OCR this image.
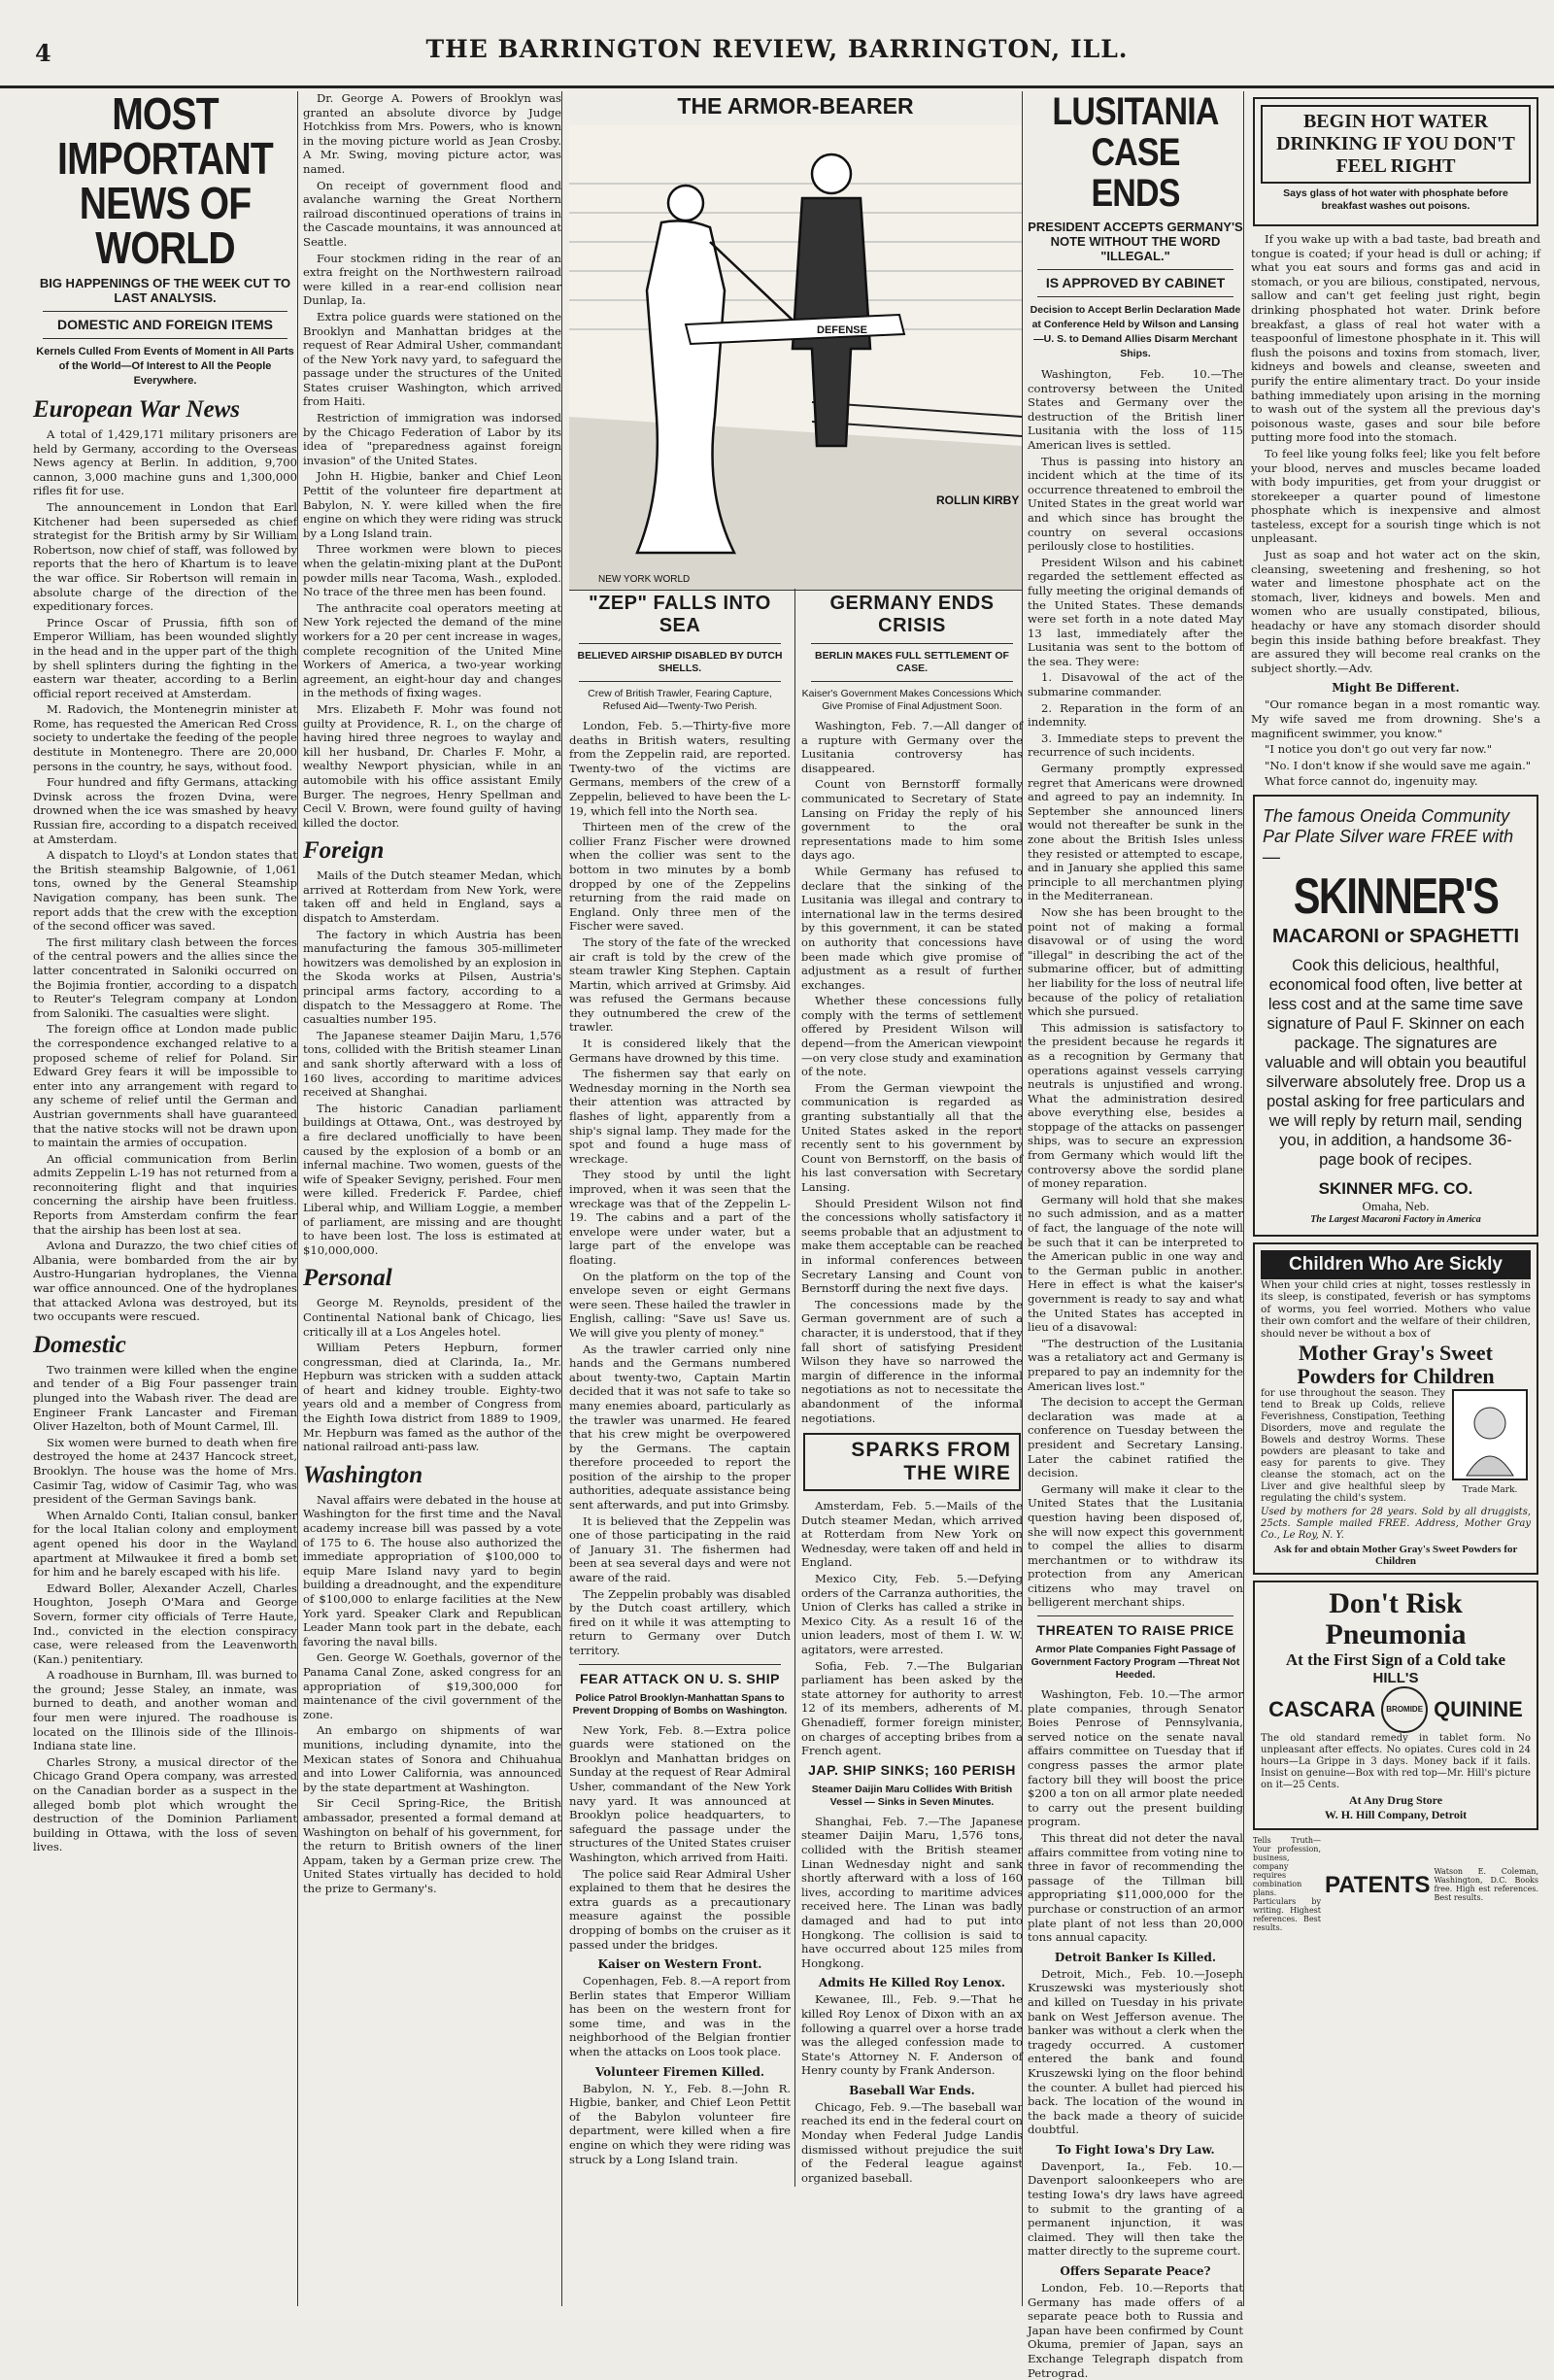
4	THE BARRINGTON REVIEW, BARRINGTON, ILL.
MOST IMPORTANT
NEWS OF WORLD
BIG HAPPENINGS OF THE WEEK CUT TO LAST ANALYSIS.
DOMESTIC AND FOREIGN ITEMS
Kernels Culled From Events of Moment in All Parts of the World—Of Interest to All the People Everywhere.
European War News

A total of 1,429,171 military prisoners are held by Germany, according to the Overseas News agency at Berlin. In addition, 9,700 cannon, 3,000 machine guns and 1,300,000 rifles fit for use.

The announcement in London that Earl Kitchener had been superseded as chief strategist for the British army by Sir William Robertson, now chief of staff, was followed by reports that the hero of Khartum is to leave the war office. Sir Robertson will remain in absolute charge of the direction of the expeditionary forces.

Prince Oscar of Prussia, fifth son of Emperor William, has been wounded slightly in the head and in the upper part of the thigh by shell splinters during the fighting in the eastern war theater, according to a Berlin official report received at Amsterdam.

M. Radovich, the Montenegrin minister at Rome, has requested the American Red Cross society to undertake the feeding of the people destitute in Montenegro. There are 20,000 persons in the country, he says, without food.

Four hundred and fifty Germans, attacking Dvinsk across the frozen Dvina, were drowned when the ice was smashed by heavy Russian fire, according to a dispatch received at Amsterdam.

A dispatch to Lloyd's at London states that the British steamship Balgownie, of 1,061 tons, owned by the General Steamship Navigation company, has been sunk. The report adds that the crew with the exception of the second officer was saved.

The first military clash between the forces of the central powers and the allies since the latter concentrated in Saloniki occurred on the Bojimia frontier, according to a dispatch to Reuter's Telegram company at London from Saloniki. The casualties were slight.

The foreign office at London made public the correspondence exchanged relative to a proposed scheme of relief for Poland. Sir Edward Grey fears it will be impossible to enter into any arrangement with regard to any scheme of relief until the German and Austrian governments shall have guaranteed that the native stocks will not be drawn upon to maintain the armies of occupation.

An official communication from Berlin admits Zeppelin L-19 has not returned from a reconnoitering flight and that inquiries concerning the airship have been fruitless. Reports from Amsterdam confirm the fear that the airship has been lost at sea.

Avlona and Durazzo, the two chief cities of Albania, were bombarded from the air by Austro-Hungarian hydroplanes, the Vienna war office announced. One of the hydroplanes that attacked Avlona was destroyed, but its two occupants were rescued.

Domestic

Two trainmen were killed when the engine and tender of a Big Four passenger train plunged into the Wabash river. The dead are Engineer Frank Lancaster and Fireman Oliver Hazelton, both of Mount Carmel, Ill.

Six women were burned to death when fire destroyed the home at 2437 Hancock street, Brooklyn. The house was the home of Mrs. Casimir Tag, widow of Casimir Tag, who was president of the German Savings bank.

When Arnaldo Conti, Italian consul, banker for the local Italian colony and employment agent opened his door in the Wayland apartment at Milwaukee it fired a bomb set for him and he barely escaped with his life.

Edward Boller, Alexander Aczell, Charles Houghton, Joseph O'Mara and George Sovern, former city officials of Terre Haute, Ind., convicted in the election conspiracy case, were released from the Leavenworth (Kan.) penitentiary.

A roadhouse in Burnham, Ill. was burned to the ground; Jesse Staley, an inmate, was burned to death, and another woman and four men were injured. The roadhouse is located on the Illinois side of the Illinois-Indiana state line.

Charles Strony, a musical director of the Chicago Grand Opera company, was arrested on the Canadian border as a suspect in the alleged bomb plot which wrought the destruction of the Dominion Parliament building in Ottawa, with the loss of seven lives.

Dr. George A. Powers of Brooklyn was granted an absolute divorce by Judge Hotchkiss from Mrs. Powers, who is known in the moving picture world as Jean Crosby. A Mr. Swing, moving picture actor, was named.

On receipt of government flood and avalanche warning the Great Northern railroad discontinued operations of trains in the Cascade mountains, it was announced at Seattle.

Four stockmen riding in the rear of an extra freight on the Northwestern railroad were killed in a rear-end collision near Dunlap, Ia.

Extra police guards were stationed on the Brooklyn and Manhattan bridges at the request of Rear Admiral Usher, commandant of the New York navy yard, to safeguard the passage under the structures of the United States cruiser Washington, which arrived from Haiti.

Restriction of immigration was indorsed by the Chicago Federation of Labor by its idea of "preparedness against foreign invasion" of the United States.

John H. Higbie, banker and Chief Leon Pettit of the volunteer fire department at Babylon, N. Y. were killed when the fire engine on which they were riding was struck by a Long Island train.

Three workmen were blown to pieces when the gelatin-mixing plant at the DuPont powder mills near Tacoma, Wash., exploded. No trace of the three men has been found.

The anthracite coal operators meeting at New York rejected the demand of the mine workers for a 20 per cent increase in wages, complete recognition of the United Mine Workers of America, a two-year working agreement, an eight-hour day and changes in the methods of fixing wages.

Mrs. Elizabeth F. Mohr was found not guilty at Providence, R. I., on the charge of having hired three negroes to waylay and kill her husband, Dr. Charles F. Mohr, a wealthy Newport physician, while in an automobile with his office assistant Emily Burger. The negroes, Henry Spellman and Cecil V. Brown, were found guilty of having killed the doctor.

Foreign

Mails of the Dutch steamer Medan, which arrived at Rotterdam from New York, were taken off and held in England, says a dispatch to Amsterdam.

The factory in which Austria has been manufacturing the famous 305-millimeter howitzers was demolished by an explosion in the Skoda works at Pilsen, Austria's principal arms factory, according to a dispatch to the Messaggero at Rome. The casualties number 195.

The Japanese steamer Daijin Maru, 1,576 tons, collided with the British steamer Linan and sank shortly afterward with a loss of 160 lives, according to maritime advices received at Shanghai.

The historic Canadian parliament buildings at Ottawa, Ont., was destroyed by a fire declared unofficially to have been caused by the explosion of a bomb or an infernal machine. Two women, guests of the wife of Speaker Sevigny, perished. Four men were killed. Frederick F. Pardee, chief Liberal whip, and William Loggie, a member of parliament, are missing and are thought to have been lost. The loss is estimated at $10,000,000.

Personal

George M. Reynolds, president of the Continental National bank of Chicago, lies critically ill at a Los Angeles hotel.

William Peters Hepburn, former congressman, died at Clarinda, Ia., Mr. Hepburn was stricken with a sudden attack of heart and kidney trouble. Eighty-two years old and a member of Congress from the Eighth Iowa district from 1889 to 1909, Mr. Hepburn was famed as the author of the national railroad anti-pass law.

Washington

Naval affairs were debated in the house at Washington for the first time and the Naval academy increase bill was passed by a vote of 175 to 6. The house also authorized the immediate appropriation of $100,000 to equip Mare Island navy yard to begin building a dreadnought, and the expenditure of $100,000 to enlarge facilities at the New York yard. Speaker Clark and Republican Leader Mann took part in the debate, each favoring the naval bills.

Gen. George W. Goethals, governor of the Panama Canal Zone, asked congress for an appropriation of $19,300,000 for maintenance of the civil government of the zone.

An embargo on shipments of war munitions, including dynamite, into the Mexican states of Sonora and Chihuahua and into Lower California, was announced by the state department at Washington.

Sir Cecil Spring-Rice, the British ambassador, presented a formal demand at Washington on behalf of his government, for the return to British owners of the liner Appam, taken by a German prize crew. The United States virtually has decided to hold the prize to Germany's.

THE ARMOR-BEARER
DEFENSE
ROLLIN KIRBY
NEW YORK WORLD
"ZEP" FALLS INTO SEA
BELIEVED AIRSHIP DISABLED BY DUTCH SHELLS.
Crew of British Trawler, Fearing Capture, Refused Aid—Twenty-Two Perish.

London, Feb. 5.—Thirty-five more deaths in British waters, resulting from the Zeppelin raid, are reported. Twenty-two of the victims are Germans, members of the crew of a Zeppelin, believed to have been the L-19, which fell into the North sea.

Thirteen men of the crew of the collier Franz Fischer were drowned when the collier was sent to the bottom in two minutes by a bomb dropped by one of the Zeppelins returning from the raid made on England. Only three men of the Fischer were saved.

The story of the fate of the wrecked air craft is told by the crew of the steam trawler King Stephen. Captain Martin, which arrived at Grimsby. Aid was refused the Germans because they outnumbered the crew of the trawler.

It is considered likely that the Germans have drowned by this time.

The fishermen say that early on Wednesday morning in the North sea their attention was attracted by flashes of light, apparently from a ship's signal lamp. They made for the spot and found a huge mass of wreckage.

They stood by until the light improved, when it was seen that the wreckage was that of the Zeppelin L-19. The cabins and a part of the envelope were under water, but a large part of the envelope was floating.

On the platform on the top of the envelope seven or eight Germans were seen. These hailed the trawler in English, calling: "Save us! Save us. We will give you plenty of money."

As the trawler carried only nine hands and the Germans numbered about twenty-two, Captain Martin decided that it was not safe to take so many enemies aboard, particularly as the trawler was unarmed. He feared that his crew might be overpowered by the Germans. The captain therefore proceeded to report the position of the airship to the proper authorities, adequate assistance being sent afterwards, and put into Grimsby.

It is believed that the Zeppelin was one of those participating in the raid of January 31. The fishermen had been at sea several days and were not aware of the raid.

The Zeppelin probably was disabled by the Dutch coast artillery, which fired on it while it was attempting to return to Germany over Dutch territory.

FEAR ATTACK ON U. S. SHIP
Police Patrol Brooklyn-Manhattan Spans to Prevent Dropping of Bombs on Washington.

New York, Feb. 8.—Extra police guards were stationed on the Brooklyn and Manhattan bridges on Sunday at the request of Rear Admiral Usher, commandant of the New York navy yard. It was announced at Brooklyn police headquarters, to safeguard the passage under the structures of the United States cruiser Washington, which arrived from Haiti.

The police said Rear Admiral Usher explained to them that he desires the extra guards as a precautionary measure against the possible dropping of bombs on the cruiser as it passed under the bridges.

Kaiser on Western Front.

Copenhagen, Feb. 8.—A report from Berlin states that Emperor William has been on the western front for some time, and was in the neighborhood of the Belgian frontier when the attacks on Loos took place.

Volunteer Firemen Killed.

Babylon, N. Y., Feb. 8.—John R. Higbie, banker, and Chief Leon Pettit of the Babylon volunteer fire department, were killed when a fire engine on which they were riding was struck by a Long Island train.

GERMANY ENDS CRISIS
BERLIN MAKES FULL SETTLEMENT OF CASE.
Kaiser's Government Makes Concessions Which Give Promise of Final Adjustment Soon.

Washington, Feb. 7.—All danger of a rupture with Germany over the Lusitania controversy has disappeared.

Count von Bernstorff formally communicated to Secretary of State Lansing on Friday the reply of his government to the oral representations made to him some days ago.

While Germany has refused to declare that the sinking of the Lusitania was illegal and contrary to international law in the terms desired by this government, it can be stated on authority that concessions have been made which give promise of adjustment as a result of further exchanges.

Whether these concessions fully comply with the terms of settlement offered by President Wilson will depend—from the American viewpoint—on very close study and examination of the note.

From the German viewpoint the communication is regarded as granting substantially all that the United States asked in the report recently sent to his government by Count von Bernstorff, on the basis of his last conversation with Secretary Lansing.

Should President Wilson not find the concessions wholly satisfactory it seems probable that an adjustment to make them acceptable can be reached in informal conferences between Secretary Lansing and Count von Bernstorff during the next five days.

The concessions made by the German government are of such a character, it is understood, that if they fall short of satisfying President Wilson they have so narrowed the margin of difference in the informal negotiations as not to necessitate the abandonment of the informal negotiations.

SPARKS FROM
THE WIRE

Amsterdam, Feb. 5.—Mails of the Dutch steamer Medan, which arrived at Rotterdam from New York on Wednesday, were taken off and held in England.

Mexico City, Feb. 5.—Defying orders of the Carranza authorities, the Union of Clerks has called a strike in Mexico City. As a result 16 of the union leaders, most of them I. W. W. agitators, were arrested.

Sofia, Feb. 7.—The Bulgarian parliament has been asked by the state attorney for authority to arrest 12 of its members, adherents of M. Ghenadieff, former foreign minister, on charges of accepting bribes from a French agent.

JAP. SHIP SINKS; 160 PERISH
Steamer Daijin Maru Collides With British Vessel — Sinks in Seven Minutes.

Shanghai, Feb. 7.—The Japanese steamer Daijin Maru, 1,576 tons, collided with the British steamer Linan Wednesday night and sank shortly afterward with a loss of 160 lives, according to maritime advices received here. The Linan was badly damaged and had to put into Hongkong. The collision is said to have occurred about 125 miles from Hongkong.

Admits He Killed Roy Lenox.

Kewanee, Ill., Feb. 9.—That he killed Roy Lenox of Dixon with an ax following a quarrel over a horse trade was the alleged confession made to State's Attorney N. F. Anderson of Henry county by Frank Anderson.

Baseball War Ends.

Chicago, Feb. 9.—The baseball war reached its end in the federal court on Monday when Federal Judge Landis dismissed without prejudice the suit of the Federal league against organized baseball.

LUSITANIA CASE ENDS
PRESIDENT ACCEPTS GERMANY'S NOTE WITHOUT THE WORD "ILLEGAL."
IS APPROVED BY CABINET
Decision to Accept Berlin Declaration Made at Conference Held by Wilson and Lansing—U. S. to Demand Allies Disarm Merchant Ships.

Washington, Feb. 10.—The controversy between the United States and Germany over the destruction of the British liner Lusitania with the loss of 115 American lives is settled.

Thus is passing into history an incident which at the time of its occurrence threatened to embroil the United States in the great world war and which since has brought the country on several occasions perilously close to hostilities.

President Wilson and his cabinet regarded the settlement effected as fully meeting the original demands of the United States. These demands were set forth in a note dated May 13 last, immediately after the Lusitania was sent to the bottom of the sea. They were:

1. Disavowal of the act of the submarine commander.

2. Reparation in the form of an indemnity.

3. Immediate steps to prevent the recurrence of such incidents.

Germany promptly expressed regret that Americans were drowned and agreed to pay an indemnity. In September she announced liners would not thereafter be sunk in the zone about the British Isles unless they resisted or attempted to escape, and in January she applied this same principle to all merchantmen plying in the Mediterranean.

Now she has been brought to the point not of making a formal disavowal or of using the word "illegal" in describing the act of the submarine officer, but of admitting her liability for the loss of neutral life because of the policy of retaliation which she pursued.

This admission is satisfactory to the president because he regards it as a recognition by Germany that operations against vessels carrying neutrals is unjustified and wrong. What the administration desired above everything else, besides a stoppage of the attacks on passenger ships, was to secure an expression from Germany which would lift the controversy above the sordid plane of money reparation.

Germany will hold that she makes no such admission, and as a matter of fact, the language of the note will be such that it can be interpreted to the American public in one way and to the German public in another. Here in effect is what the kaiser's government is ready to say and what the United States has accepted in lieu of a disavowal:

"The destruction of the Lusitania was a retaliatory act and Germany is prepared to pay an indemnity for the American lives lost."

The decision to accept the German declaration was made at a conference on Tuesday between the president and Secretary Lansing. Later the cabinet ratified the decision.

Germany will make it clear to the United States that the Lusitania question having been disposed of, she will now expect this government to compel the allies to disarm merchantmen or to withdraw its protection from any American citizens who may travel on belligerent merchant ships.

THREATEN TO RAISE PRICE
Armor Plate Companies Fight Passage of Government Factory Program —Threat Not Heeded.

Washington, Feb. 10.—The armor plate companies, through Senator Boies Penrose of Pennsylvania, served notice on the senate naval affairs committee on Tuesday that if congress passes the armor plate factory bill they will boost the price $200 a ton on all armor plate needed to carry out the present building program.

This threat did not deter the naval affairs committee from voting nine to three in favor of recommending the passage of the Tillman bill appropriating $11,000,000 for the purchase or construction of an armor plate plant of not less than 20,000 tons annual capacity.

Detroit Banker Is Killed.

Detroit, Mich., Feb. 10.—Joseph Kruszewski was mysteriously shot and killed on Tuesday in his private bank on West Jefferson avenue. The banker was without a clerk when the tragedy occurred. A customer entered the bank and found Kruszewski lying on the floor behind the counter. A bullet had pierced his back. The location of the wound in the back made a theory of suicide doubtful.

To Fight Iowa's Dry Law.

Davenport, Ia., Feb. 10.—Davenport saloonkeepers who are testing Iowa's dry laws have agreed to submit to the granting of a permanent injunction, it was claimed. They will then take the matter directly to the supreme court.

Offers Separate Peace?

London, Feb. 10.—Reports that Germany has made offers of a separate peace both to Russia and Japan have been confirmed by Count Okuma, premier of Japan, says an Exchange Telegraph dispatch from Petrograd.

BEGIN HOT WATER DRINKING IF YOU DON'T FEEL RIGHT
Says glass of hot water with phosphate before breakfast washes out poisons.

If you wake up with a bad taste, bad breath and tongue is coated; if your head is dull or aching; if what you eat sours and forms gas and acid in stomach, or you are bilious, constipated, nervous, sallow and can't get feeling just right, begin drinking phosphated hot water. Drink before breakfast, a glass of real hot water with a teaspoonful of limestone phosphate in it. This will flush the poisons and toxins from stomach, liver, kidneys and bowels and cleanse, sweeten and purify the entire alimentary tract. Do your inside bathing immediately upon arising in the morning to wash out of the system all the previous day's poisonous waste, gases and sour bile before putting more food into the stomach.

To feel like young folks feel; like you felt before your blood, nerves and muscles became loaded with body impurities, get from your druggist or storekeeper a quarter pound of limestone phosphate which is inexpensive and almost tasteless, except for a sourish tinge which is not unpleasant.

Just as soap and hot water act on the skin, cleansing, sweetening and freshening, so hot water and limestone phosphate act on the stomach, liver, kidneys and bowels. Men and women who are usually constipated, bilious, headachy or have any stomach disorder should begin this inside bathing before breakfast. They are assured they will become real cranks on the subject shortly.—Adv.

Might Be Different.

"Our romance began in a most romantic way. My wife saved me from drowning. She's a magnificent swimmer, you know."

"I notice you don't go out very far now."

"No. I don't know if she would save me again."

What force cannot do, ingenuity may.

The famous Oneida Community Par Plate Silver ware FREE with—
SKINNER'S
MACARONI or SPAGHETTI
Cook this delicious, healthful, economical food often, live better at less cost and at the same time save signature of Paul F. Skinner on each package. The signatures are valuable and will obtain you beautiful silverware absolutely free. Drop us a postal asking for free particulars and we will reply by return mail, sending you, in addition, a handsome 36-page book of recipes.
SKINNER MFG. CO.
Omaha, Neb.
The Largest Macaroni Factory in America
Children Who Are Sickly

When your child cries at night, tosses restlessly in its sleep, is constipated, feverish or has symptoms of worms, you feel worried. Mothers who value their own comfort and the welfare of their children, should never be without a box of

Mother Gray's Sweet Powders for Children

for use throughout the season. They tend to Break up Colds, relieve Feverishness, Constipation, Teething Disorders, move and regulate the Bowels and destroy Worms. These powders are pleasant to take and easy for parents to give. They cleanse the stomach, act on the Liver and give healthful sleep by regulating the child's system.

Trade Mark.

Used by mothers for 28 years. Sold by all druggists, 25cts. Sample mailed FREE. Address, Mother Gray Co., Le Roy, N. Y.

Ask for and obtain Mother Gray's Sweet Powders for Children
Don't Risk Pneumonia
At the First Sign of a Cold take
HILL'S
CASCARA	BROMIDE QUININE

The old standard remedy in tablet form. No unpleasant after effects. No opiates. Cures cold in 24 hours—La Grippe in 3 days. Money back if it fails. Insist on genuine—Box with red top—Mr. Hill's picture on it—25 Cents.

At Any Drug Store
W. H. Hill Company, Detroit

Tells Truth—Your profession, business, company requires combination plans. Particulars by writing. Highest references. Best results.

PATENTS

Watson E. Coleman, Washington, D.C. Books free. High est references. Best results.
